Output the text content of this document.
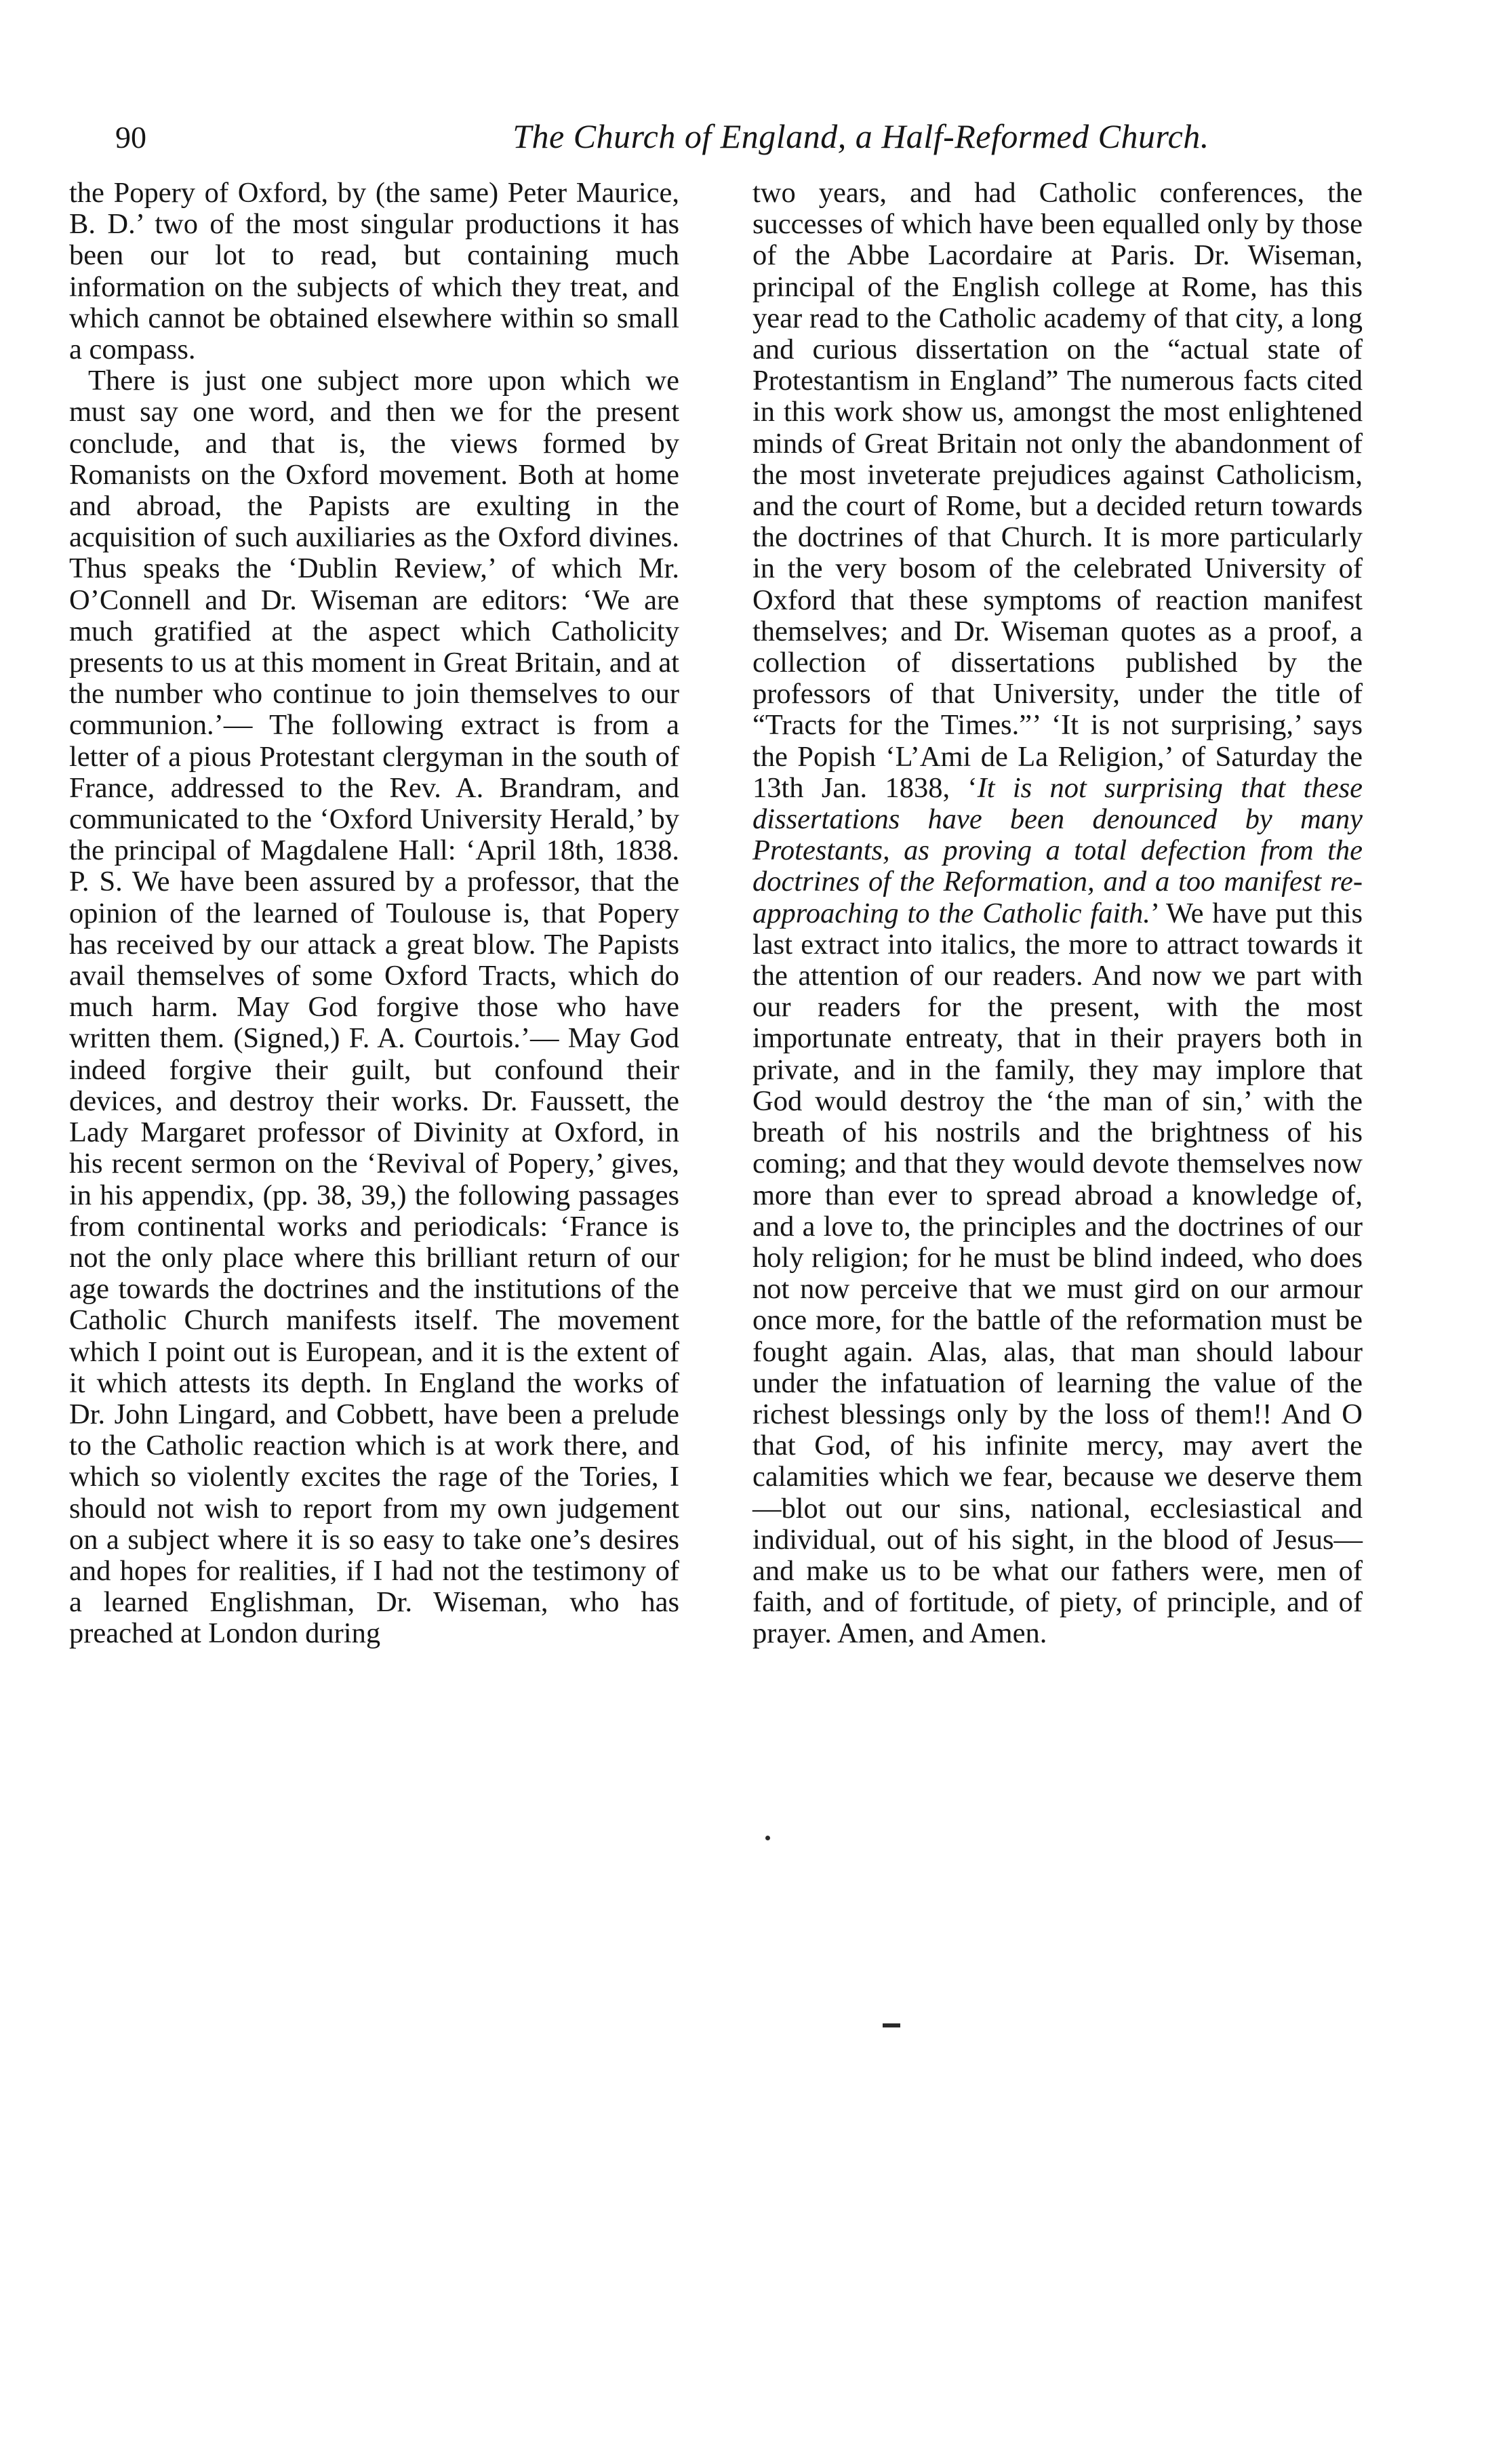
90	The Church of England, a Half-Reformed Church.

the Popery of Oxford, by (the same) Peter Maurice, B. D.’ two of the most singular productions it has been our lot to read, but containing much information on the subjects of which they treat, and which cannot be obtained elsewhere within so small a compass.

There is just one subject more upon which we must say one word, and then we for the present conclude, and that is, the views formed by Romanists on the Oxford movement. Both at home and abroad, the Papists are exulting in the acquisition of such auxiliaries as the Oxford divines. Thus speaks the ‘Dublin Review,’ of which Mr. O’Connell and Dr. Wiseman are editors: ‘We are much gratified at the aspect which Catholicity presents to us at this moment in Great Britain, and at the number who continue to join themselves to our communion.’— The following extract is from a letter of a pious Protestant clergyman in the south of France, addressed to the Rev. A. Brandram, and communicated to the ‘Oxford University Herald,’ by the principal of Magdalene Hall: ‘April 18th, 1838. P. S. We have been assured by a professor, that the opinion of the learned of Toulouse is, that Popery has received by our attack a great blow. The Papists avail themselves of some Oxford Tracts, which do much harm. May God forgive those who have written them. (Signed,) F. A. Courtois.’— May God indeed forgive their guilt, but confound their devices, and destroy their works. Dr. Faussett, the Lady Margaret professor of Divinity at Oxford, in his recent sermon on the ‘Revival of Popery,’ gives, in his appendix, (pp. 38, 39,) the following passages from continental works and periodicals: ‘France is not the only place where this brilliant return of our age towards the doctrines and the institutions of the Catholic Church manifests itself. The movement which I point out is European, and it is the extent of it which attests its depth. In England the works of Dr. John Lingard, and Cobbett, have been a prelude to the Catholic reaction which is at work there, and which so violently excites the rage of the Tories, I should not wish to report from my own judgement on a subject where it is so easy to take one’s desires and hopes for realities, if I had not the testimony of a learned Englishman, Dr. Wiseman, who has preached at London during

two years, and had Catholic conferences, the successes of which have been equalled only by those of the Abbe Lacordaire at Paris. Dr. Wiseman, principal of the English college at Rome, has this year read to the Catholic academy of that city, a long and curious dissertation on the “actual state of Protestantism in England” The numerous facts cited in this work show us, amongst the most enlightened minds of Great Britain not only the abandonment of the most inveterate prejudices against Catholicism, and the court of Rome, but a decided return towards the doctrines of that Church. It is more particularly in the very bosom of the celebrated University of Oxford that these symptoms of reaction manifest themselves; and Dr. Wiseman quotes as a proof, a collection of dissertations published by the professors of that University, under the title of “Tracts for the Times.”’ ‘It is not surprising,’ says the Popish ‘L’Ami de La Religion,’ of Saturday the 13th Jan. 1838, ‘It is not surprising that these dissertations have been denounced by many Protestants, as proving a total defection from the doctrines of the Reformation, and a too manifest re-approaching to the Catholic faith.’ We have put this last extract into italics, the more to attract towards it the attention of our readers. And now we part with our readers for the present, with the most importunate entreaty, that in their prayers both in private, and in the family, they may implore that God would destroy the ‘the man of sin,’ with the breath of his nostrils and the brightness of his coming; and that they would devote themselves now more than ever to spread abroad a knowledge of, and a love to, the principles and the doctrines of our holy religion; for he must be blind indeed, who does not now perceive that we must gird on our armour once more, for the battle of the reformation must be fought again. Alas, alas, that man should labour under the infatuation of learning the value of the richest blessings only by the loss of them!! And O that God, of his infinite mercy, may avert the calamities which we fear, because we deserve them—blot out our sins, national, ecclesiastical and individual, out of his sight, in the blood of Jesus—and make us to be what our fathers were, men of faith, and of fortitude, of piety, of principle, and of prayer. Amen, and Amen.
